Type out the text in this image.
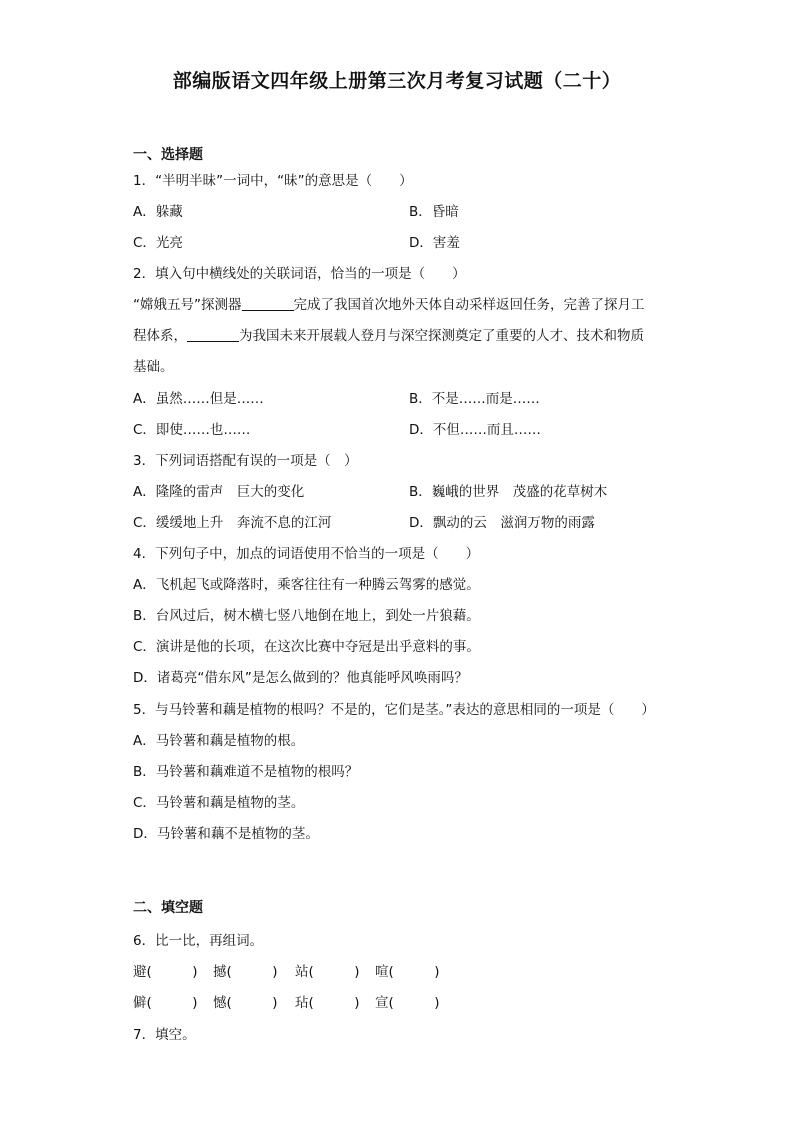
部编版语文四年级上册第三次月考复习试题（二十）
一、选择题
1．“半明半昧”一词中，“昧”的意思是（　　）
A．躲藏	B．昏暗
C．光亮	D．害羞
2．填入句中横线处的关联词语，恰当的一项是（　　）
“嫦娥五号”探测器	完成了我国首次地外天体自动采样返回任务，完善了探月工
程体系，	为我国未来开展载人登月与深空探测奠定了重要的人才、技术和物质
基础。
A．虽然……但是……	B．不是……而是……
C．即使……也……	D．不但……而且……
3．下列词语搭配有误的一项是（　）
A．隆隆的雷声　巨大的变化	B．巍峨的世界　茂盛的花草树木
C．缓缓地上升　奔流不息的江河	D．飘动的云　滋润万物的雨露
4．下列句子中，加点的词语使用不恰当的一项是（　　）
A．飞机起飞或降落时，乘客往往有一种腾云驾雾的感觉。
B．台风过后，树木横七竖八地倒在地上，到处一片狼藉。
C．演讲是他的长项，在这次比赛中夺冠是出乎意料的事。
D．诸葛亮“借东风”是怎么做到的？他真能呼风唤雨吗？
5．与马铃薯和藕是植物的根吗？不是的，它们是茎。”表达的意思相同的一项是（　　）
A．马铃薯和藕是植物的根。
B．马铃薯和藕难道不是植物的根吗？
C．马铃薯和藕是植物的茎。
D．马铃薯和藕不是植物的茎。
二、填空题
6．比一比，再组词。
避(　　　) 撼(　　　) 站(　　　) 喧(　　　)
僻(　　　) 憾(　　　) 玷(　　　) 宣(　　　)
7．填空。
